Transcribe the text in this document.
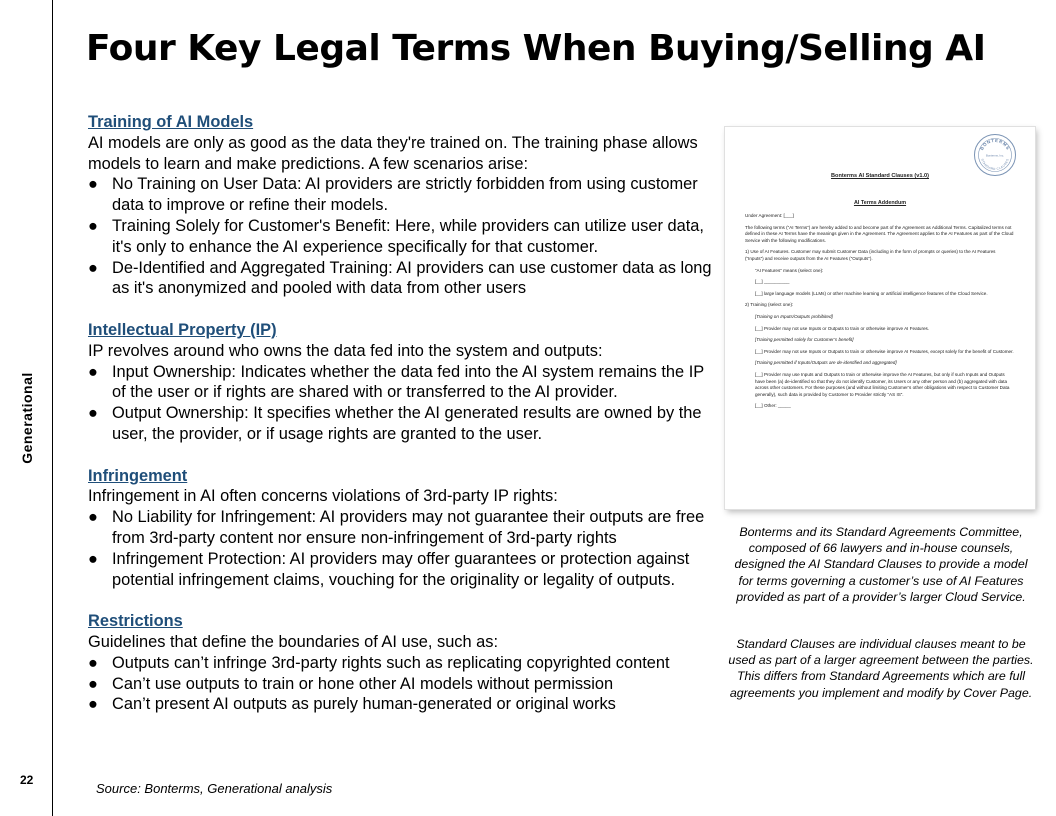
Generational
22
Four Key Legal Terms When Buying/Selling AI
Training of AI Models
AI models are only as good as the data they're trained on. The training phase allows models to learn and make predictions. A few scenarios arise:
● No Training on User Data: AI providers are strictly forbidden from using customer data to improve or refine their models.
● Training Solely for Customer's Benefit: Here, while providers can utilize user data, it's only to enhance the AI experience specifically for that customer.
● De-Identified and Aggregated Training: AI providers can use customer data as long as it's anonymized and pooled with data from other users
Intellectual Property (IP)
IP revolves around who owns the data fed into the system and outputs:
● Input Ownership: Indicates whether the data fed into the AI system remains the IP of the user or if rights are shared with or transferred to the AI provider.
● Output Ownership: It specifies whether the AI generated results are owned by the user, the provider, or if usage rights are granted to the user.
Infringement
Infringement in AI often concerns violations of 3rd-party IP rights:
● No Liability for Infringement: AI providers may not guarantee their outputs are free from 3rd-party content nor ensure non-infringement of 3rd-party rights
● Infringement Protection: AI providers may offer guarantees or protection against potential infringement claims, vouching for the originality or legality of outputs.
Restrictions
Guidelines that define the boundaries of AI use, such as:
● Outputs can’t infringe 3rd-party rights such as replicating copyrighted content
● Can’t use outputs to train or hone other AI models without permission
● Can’t present AI outputs as purely human-generated or original works
BONTERMS
STANDARD CLAUSES
Bonterms, Inc.
Bonterms AI Standard Clauses (v1.0)
AI Terms Addendum

Under Agreement: [___]

The following terms (“AI Terms”) are hereby added to and become part of the Agreement as Additional Terms. Capitalized terms not defined in these AI Terms have the meanings given in the Agreement. The Agreement applies to the AI Features as part of the Cloud Service with the following modifications.

1) Use of AI Features. Customer may submit Customer Data (including in the form of prompts or queries) to the AI Features (“Inputs”) and receive outputs from the AI Features (“Outputs”).

“AI Features” means (select one):

[__] __________

[__] large language models (LLMs) or other machine learning or artificial intelligence features of the Cloud Service.

2) Training (select one):

[Training on Inputs/Outputs prohibited]

[__] Provider may not use Inputs or Outputs to train or otherwise improve AI Features.

[Training permitted solely for Customer’s benefit]

[__] Provider may not use Inputs or Outputs to train or otherwise improve AI Features, except solely for the benefit of Customer.

[Training permitted if Inputs/Outputs are de-identified and aggregated]

[__] Provider may use Inputs and Outputs to train or otherwise improve the AI Features, but only if such Inputs and Outputs have been (a) de-identified so that they do not identify Customer, its Users or any other person and (b) aggregated with data across other customers. For these purposes (and without limiting Customer’s other obligations with respect to Customer Data generally), such data is provided by Customer to Provider strictly “AS IS”.

[__] Other: _____

Bonterms and its Standard Agreements Committee, composed of 66 lawyers and in-house counsels, designed the AI Standard Clauses to provide a model for terms governing a customer’s use of AI Features provided as part of a provider’s larger Cloud Service.
Standard Clauses are individual clauses meant to be used as part of a larger agreement between the parties. This differs from Standard Agreements which are full agreements you implement and modify by Cover Page.
Source: Bonterms, Generational analysis
